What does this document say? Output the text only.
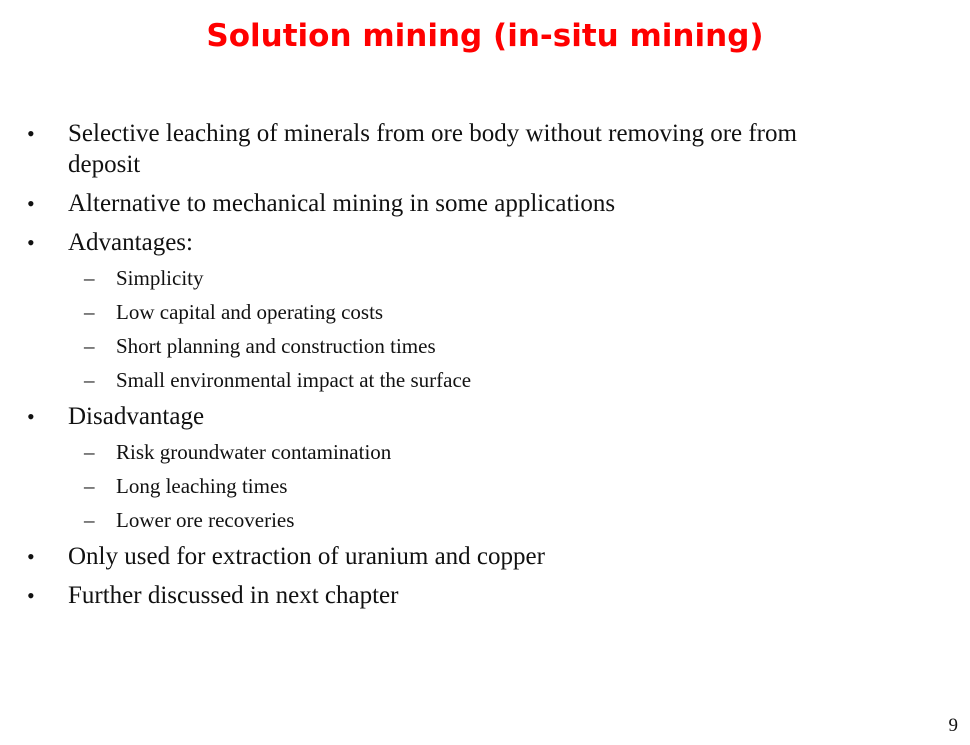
Solution mining (in-situ mining)
• Selective leaching of minerals from ore body without removing ore from deposit
• Alternative to mechanical mining in some applications
• Advantages:
– Simplicity
– Low capital and operating costs
– Short planning and construction times
– Small environmental impact at the surface
• Disadvantage
– Risk groundwater contamination
– Long leaching times
– Lower ore recoveries
• Only used for extraction of uranium and copper
• Further discussed in next chapter
9
